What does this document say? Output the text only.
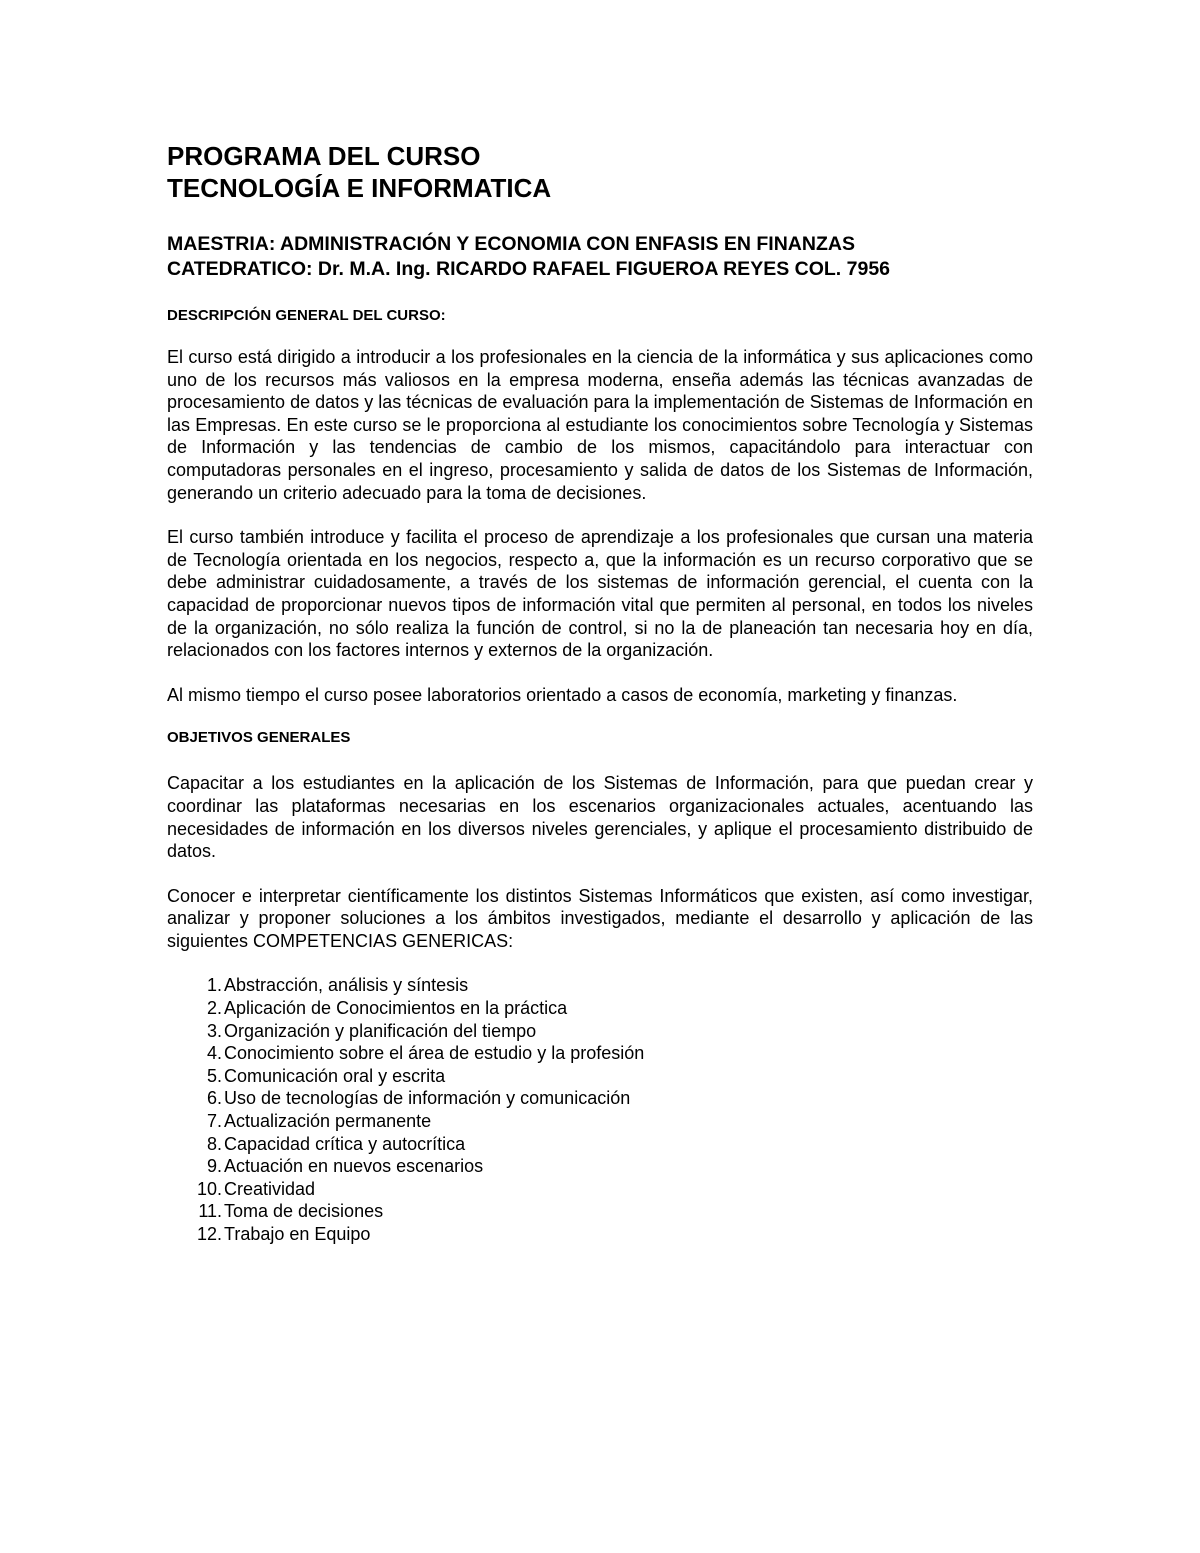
PROGRAMA DEL CURSO
TECNOLOGÍA E INFORMATICA
MAESTRIA: ADMINISTRACIÓN Y ECONOMIA CON ENFASIS EN FINANZAS
CATEDRATICO: Dr. M.A. Ing. RICARDO RAFAEL FIGUEROA REYES COL. 7956
DESCRIPCIÓN GENERAL DEL CURSO:

El curso está dirigido a introducir a los profesionales en la ciencia de la informática y sus aplicaciones como uno de los recursos más valiosos en la empresa moderna, enseña además las técnicas avanzadas de procesamiento de datos y las técnicas de evaluación para la implementación de Sistemas de Información en las Empresas. En este curso se le proporciona al estudiante los conocimientos sobre Tecnología y Sistemas de Información y las tendencias de cambio de los mismos, capacitándolo para interactuar con computadoras personales en el ingreso, procesamiento y salida de datos de los Sistemas de Información, generando un criterio adecuado para la toma de decisiones.

El curso también introduce y facilita el proceso de aprendizaje a los profesionales que cursan una materia de Tecnología orientada en los negocios, respecto a, que la información es un recurso corporativo que se debe administrar cuidadosamente, a través de los sistemas de información gerencial, el cuenta con la capacidad de proporcionar nuevos tipos de información vital que permiten al personal, en todos los niveles de la organización, no sólo realiza la función de control, si no la de planeación tan necesaria hoy en día, relacionados con los factores internos y externos de la organización.

Al mismo tiempo el curso posee laboratorios orientado a casos de economía, marketing y finanzas.

OBJETIVOS GENERALES

Capacitar a los estudiantes en la aplicación de los Sistemas de Información, para que puedan crear y coordinar las plataformas necesarias en los escenarios organizacionales actuales, acentuando las necesidades de información en los diversos niveles gerenciales, y aplique el procesamiento distribuido de datos.

Conocer e interpretar científicamente los distintos Sistemas Informáticos que existen, así como investigar, analizar y proponer soluciones a los ámbitos investigados, mediante el desarrollo y aplicación de las siguientes COMPETENCIAS GENERICAS:

1. Abstracción, análisis y síntesis
2. Aplicación de Conocimientos en la práctica
3. Organización y planificación del tiempo
4. Conocimiento sobre el área de estudio y la profesión
5. Comunicación oral y escrita
6. Uso de tecnologías de información y comunicación
7. Actualización permanente
8. Capacidad crítica y autocrítica
9. Actuación en nuevos escenarios
10. Creatividad
11. Toma de decisiones
12. Trabajo en Equipo
